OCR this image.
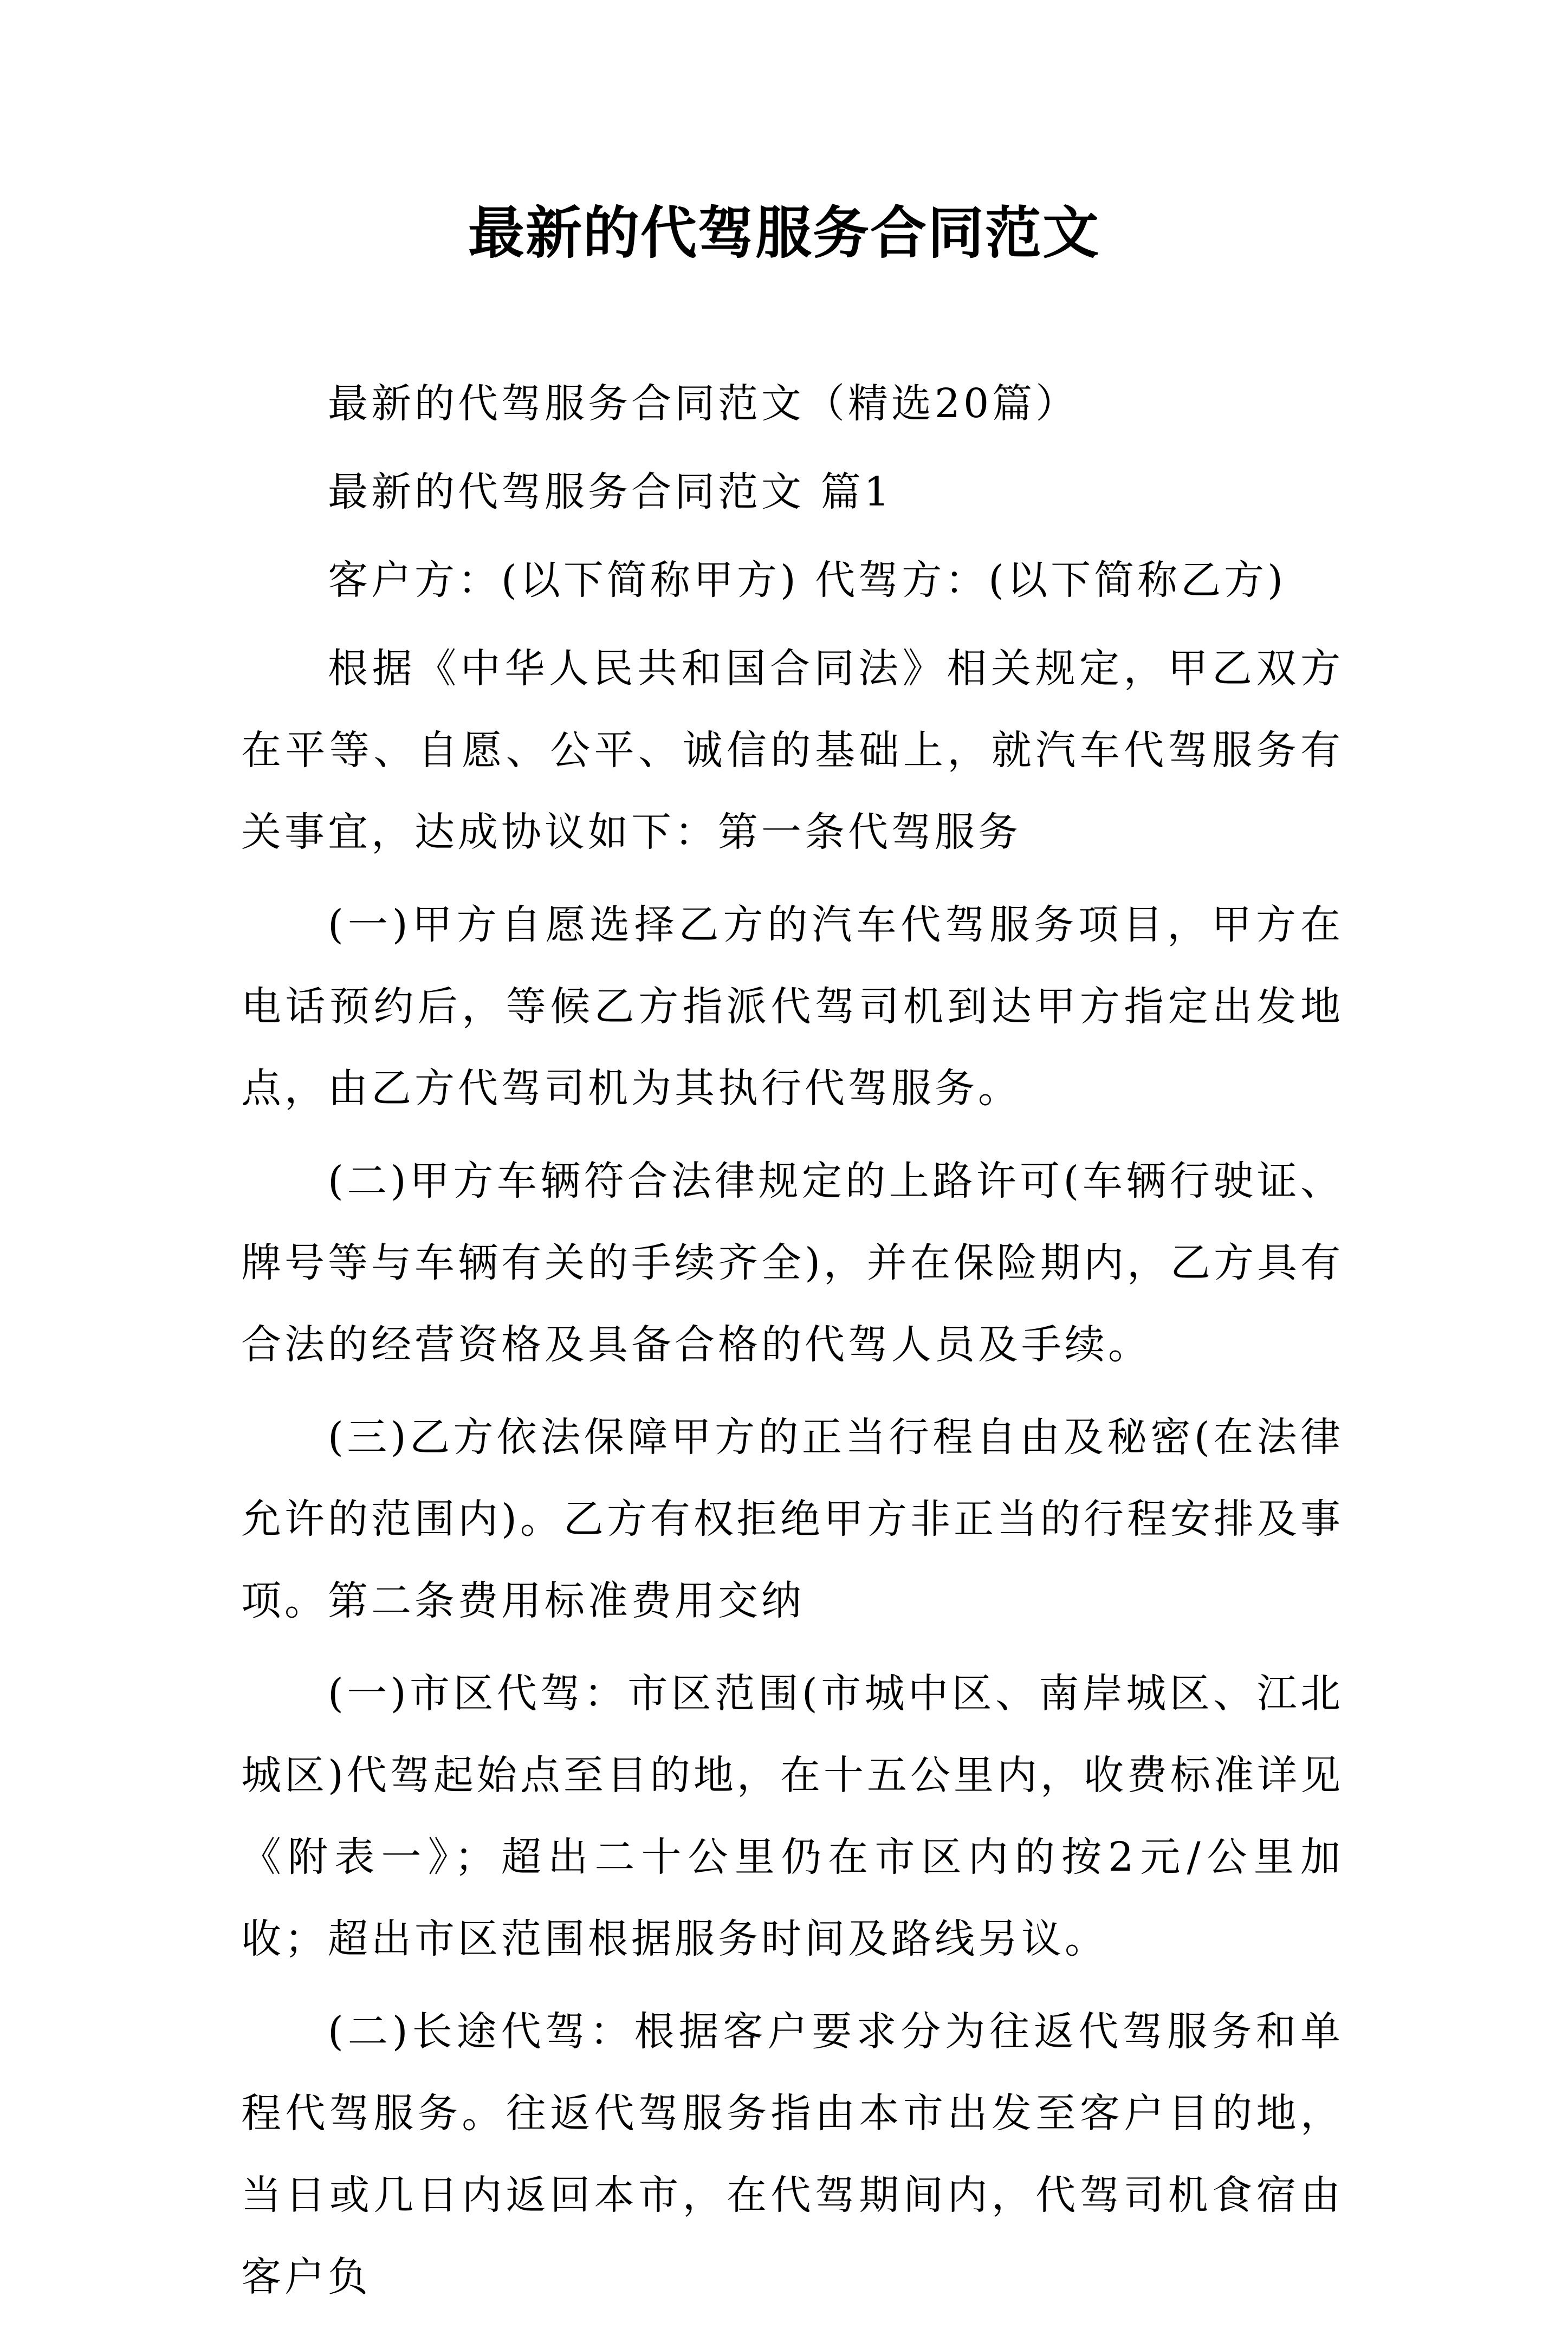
最新的代驾服务合同范文

最新的代驾服务合同范文（精选20篇）

最新的代驾服务合同范文 篇1

客户方：(以下简称甲方) 代驾方：(以下简称乙方)

根据《中华人民共和国合同法》相关规定，甲乙双方在平等、自愿、公平、诚信的基础上，就汽车代驾服务有关事宜，达成协议如下：第一条代驾服务

(一)甲方自愿选择乙方的汽车代驾服务项目，甲方在电话预约后，等候乙方指派代驾司机到达甲方指定出发地点，由乙方代驾司机为其执行代驾服务。

(二)甲方车辆符合法律规定的上路许可(车辆行驶证、牌号等与车辆有关的手续齐全)，并在保险期内，乙方具有合法的经营资格及具备合格的代驾人员及手续。

(三)乙方依法保障甲方的正当行程自由及秘密(在法律允许的范围内)。乙方有权拒绝甲方非正当的行程安排及事项。第二条费用标准费用交纳

(一)市区代驾：市区范围(市城中区、南岸城区、江北城区)代驾起始点至目的地，在十五公里内，收费标准详见《附表一》；超出二十公里仍在市区内的按2元/公里加收；超出市区范围根据服务时间及路线另议。

(二)长途代驾：根据客户要求分为往返代驾服务和单程代驾服务。往返代驾服务指由本市出发至客户目的地，当日或几日内返回本市，在代驾期间内，代驾司机食宿由客户负
